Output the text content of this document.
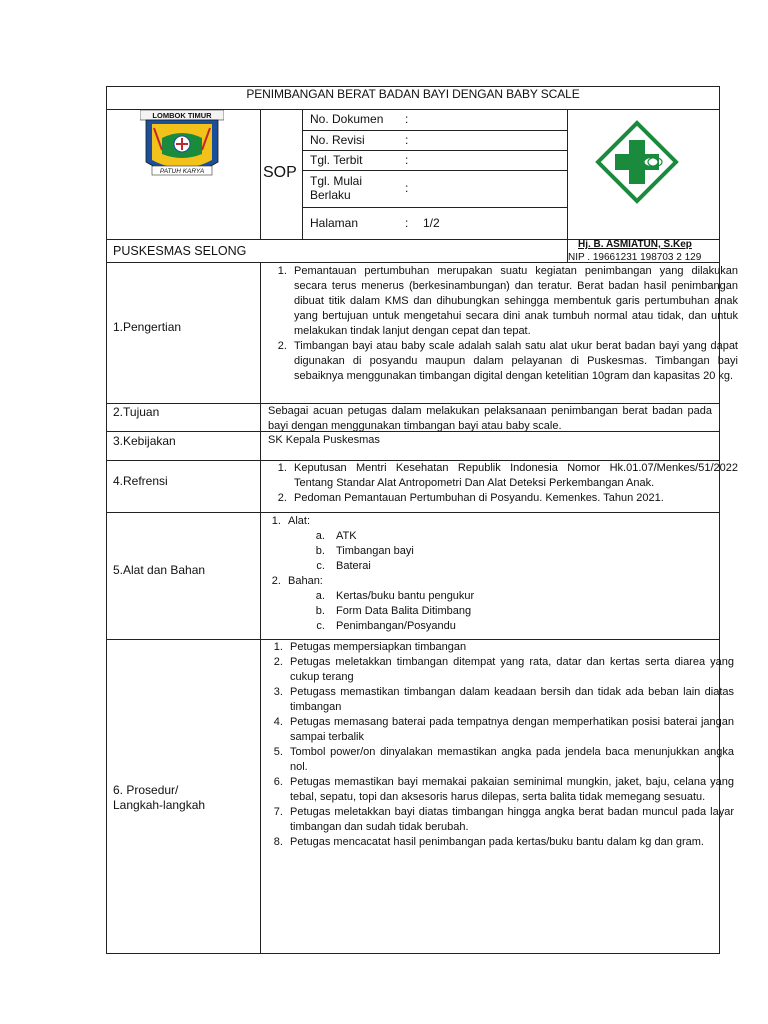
PENIMBANGAN BERAT BADAN BAYI DENGAN BABY SCALE
LOMBOK TIMUR
PATUH KARYA	SOP
No. Dokumen :
No. Revisi	:
Tgl. Terbit	:
Tgl. Mulai
Berlaku	:
Halaman	: 1/2
PUSKESMAS SELONG	Hj. B. ASMIATUN, S.Kep
NIP . 19661231 198703 2 129
1.Pengertian
1. Pemantauan pertumbuhan merupakan suatu kegiatan penimbangan yang dilakukan secara terus menerus (berkesinambungan) dan teratur. Berat badan hasil penimbangan dibuat titik dalam KMS dan dihubungkan sehingga membentuk garis pertumbuhan anak yang bertujuan untuk mengetahui secara dini anak tumbuh normal atau tidak, dan untuk melakukan tindak lanjut dengan cepat dan tepat.
2. Timbangan bayi atau baby scale adalah salah satu alat ukur berat badan bayi yang dapat digunakan di posyandu maupun dalam pelayanan di Puskesmas. Timbangan bayi sebaiknya menggunakan timbangan digital dengan ketelitian 10gram dan kapasitas 20 kg.
2.Tujuan	Sebagai acuan petugas dalam melakukan pelaksanaan penimbangan berat badan pada bayi dengan menggunakan timbangan bayi atau baby scale.
3.Kebijakan	SK Kepala Puskesmas
4.Refrensi
1. Keputusan Mentri Kesehatan Republik Indonesia Nomor Hk.01.07/Menkes/51/2022 Tentang Standar Alat Antropometri Dan Alat Deteksi Perkembangan Anak.
2. Pedoman Pemantauan Pertumbuhan di Posyandu. Kemenkes. Tahun 2021.
5.Alat dan Bahan
1. Alat:
a. ATK
b. Timbangan bayi
c. Baterai
2. Bahan:
a. Kertas/buku bantu pengukur
b. Form Data Balita Ditimbang
c. Penimbangan/Posyandu
6. Prosedur/
Langkah-langkah
1. Petugas mempersiapkan timbangan
2. Petugas meletakkan timbangan ditempat yang rata, datar dan kertas serta diarea yang cukup terang
3. Petugass memastikan timbangan dalam keadaan bersih dan tidak ada beban lain diatas timbangan
4. Petugas memasang baterai pada tempatnya dengan memperhatikan posisi baterai jangan sampai terbalik
5. Tombol power/on dinyalakan memastikan angka pada jendela baca menunjukkan angka nol.
6. Petugas memastikan bayi memakai pakaian seminimal mungkin, jaket, baju, celana yang tebal, sepatu, topi dan aksesoris harus dilepas, serta balita tidak memegang sesuatu.
7. Petugas meletakkan bayi diatas timbangan hingga angka berat badan muncul pada layar timbangan dan sudah tidak berubah.
8. Petugas mencacatat hasil penimbangan pada kertas/buku bantu dalam kg dan gram.
